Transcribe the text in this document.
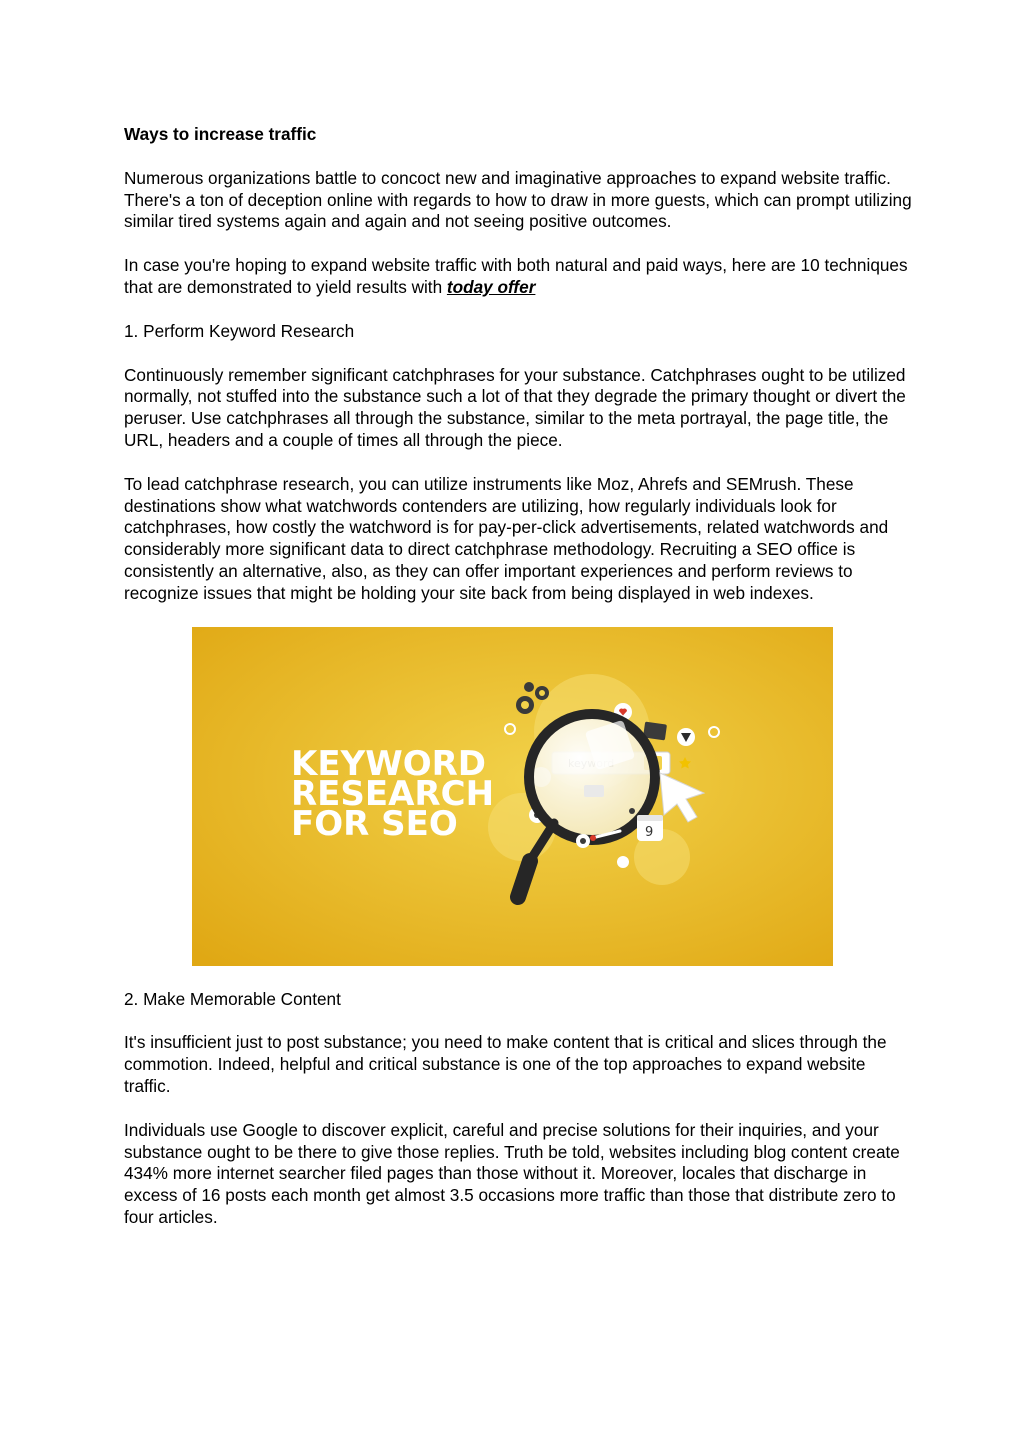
Ways to increase traffic

Numerous organizations battle to concoct new and imaginative approaches to expand website traffic. There's a ton of deception online with regards to how to draw in more guests, which can prompt utilizing similar tired systems again and again and not seeing positive outcomes.

In case you're hoping to expand website traffic with both natural and paid ways, here are 10 techniques that are demonstrated to yield results with today offer

1. Perform Keyword Research

Continuously remember significant catchphrases for your substance. Catchphrases ought to be utilized normally, not stuffed into the substance such a lot of that they degrade the primary thought or divert the peruser. Use catchphrases all through the substance, similar to the meta portrayal, the page title, the URL, headers and a couple of times all through the piece.

To lead catchphrase research, you can utilize instruments like Moz, Ahrefs and SEMrush. These destinations show what watchwords contenders are utilizing, how regularly individuals look for catchphrases, how costly the watchword is for pay-per-click advertisements, related watchwords and considerably more significant data to direct catchphrase methodology. Recruiting a SEO office is consistently an alternative, also, as they can offer important experiences and perform reviews to recognize issues that might be holding your site back from being displayed in web indexes.

KEYWORD
RESEARCH
FOR SEO	9

2. Make Memorable Content

It's insufficient just to post substance; you need to make content that is critical and slices through the commotion. Indeed, helpful and critical substance is one of the top approaches to expand website traffic.

Individuals use Google to discover explicit, careful and precise solutions for their inquiries, and your substance ought to be there to give those replies. Truth be told, websites including blog content create 434% more internet searcher filed pages than those without it. Moreover, locales that discharge in excess of 16 posts each month get almost 3.5 occasions more traffic than those that distribute zero to four articles.
